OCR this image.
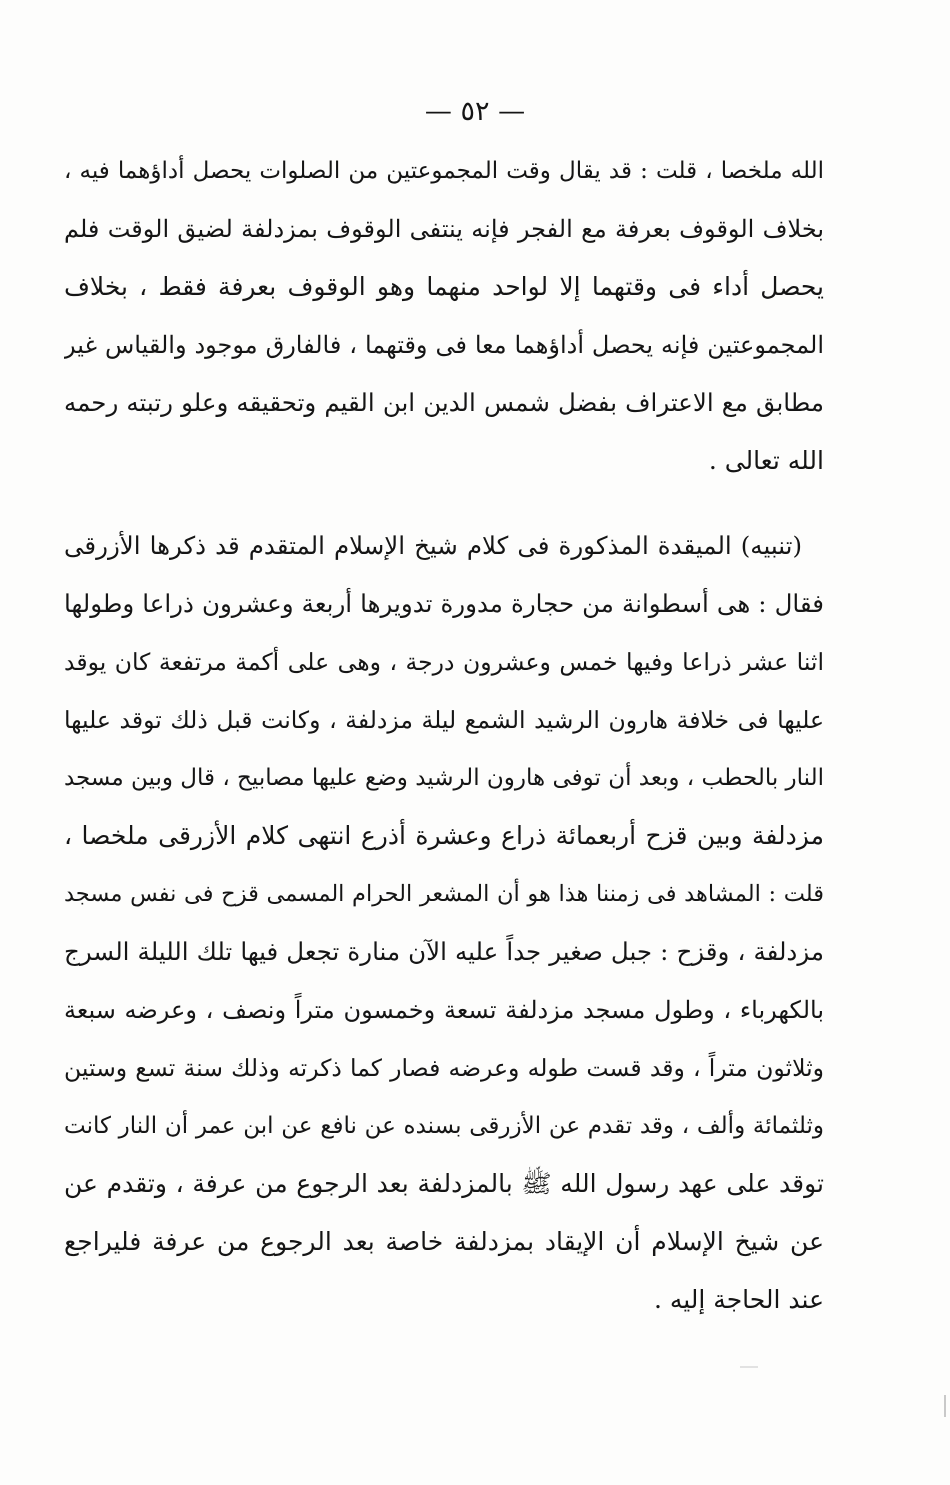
— ٥٢ —
الله ملخصا ، قلت : قد يقال وقت المجموعتين من الصلوات يحصل أداؤهما فيه ،
بخلاف الوقوف بعرفة مع الفجر فإنه ينتفى الوقوف بمزدلفة لضيق الوقت فلم
يحصل أداء فى وقتهما إلا لواحد منهما وهو الوقوف بعرفة فقط ، بخلاف
المجموعتين فإنه يحصل أداؤهما معا فى وقتهما ، فالفارق موجود والقياس غير
مطابق مع الاعتراف بفضل شمس الدين ابن القيم وتحقيقه وعلو رتبته رحمه
الله تعالى .
(تنبيه) الميقدة المذكورة فى كلام شيخ الإسلام المتقدم قد ذكرها الأزرقى
فقال : هى أسطوانة من حجارة مدورة تدويرها أربعة وعشرون ذراعا وطولها
اثنا عشر ذراعا وفيها خمس وعشرون درجة ، وهى على أكمة مرتفعة كان يوقد
عليها فى خلافة هارون الرشيد الشمع ليلة مزدلفة ، وكانت قبل ذلك توقد عليها
النار بالحطب ، وبعد أن توفى هارون الرشيد وضع عليها مصابيح ، قال وبين مسجد
مزدلفة وبين قزح أربعمائة ذراع وعشرة أذرع انتهى كلام الأزرقى ملخصا ،
قلت : المشاهد فى زمننا هذا هو أن المشعر الحرام المسمى قزح فى نفس مسجد
مزدلفة ، وقزح : جبل صغير جداً عليه الآن منارة تجعل فيها تلك الليلة السرج
بالكهرباء ، وطول مسجد مزدلفة تسعة وخمسون متراً ونصف ، وعرضه سبعة
وثلاثون متراً ، وقد قست طوله وعرضه فصار كما ذكرته وذلك سنة تسع وستين
وثلثمائة وألف ، وقد تقدم عن الأزرقى بسنده عن نافع عن ابن عمر أن النار كانت
توقد على عهد رسول الله ﷺ بالمزدلفة بعد الرجوع من عرفة ، وتقدم عن
عن شيخ الإسلام أن الإيقاد بمزدلفة خاصة بعد الرجوع من عرفة فليراجع
عند الحاجة إليه .
